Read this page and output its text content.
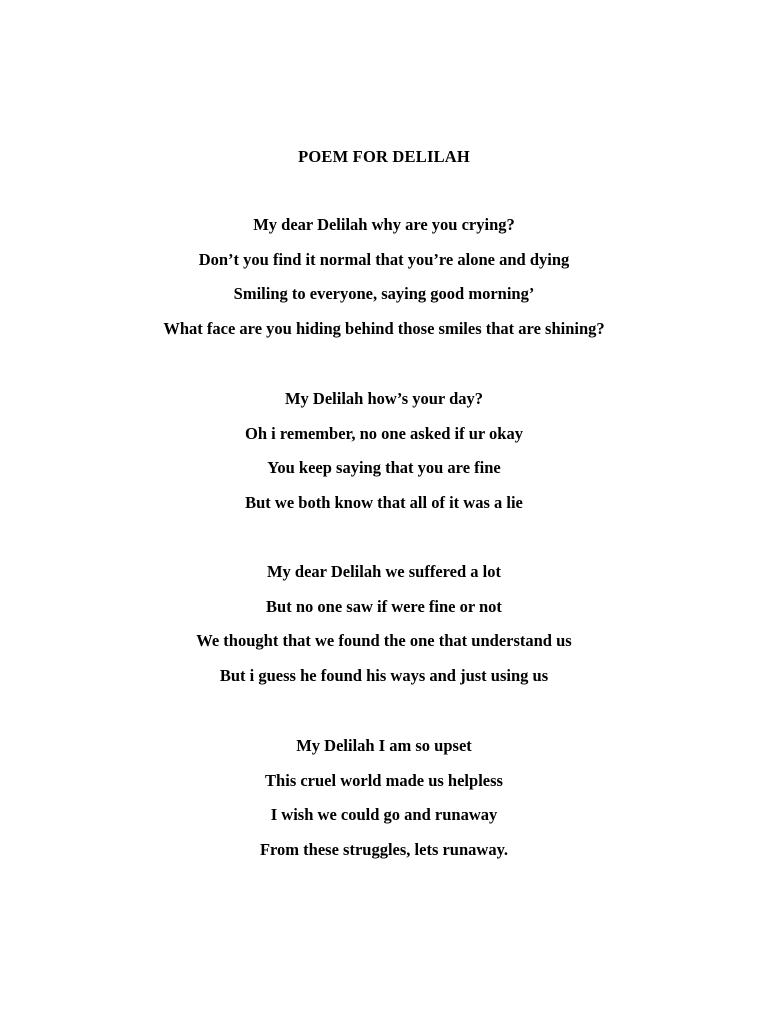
POEM FOR DELILAH
My dear Delilah why are you crying?
Don’t you find it normal that you’re alone and dying
Smiling to everyone, saying good morning’
What face are you hiding behind those smiles that are shining?
My Delilah how’s your day?
Oh i remember, no one asked if ur okay
You keep saying that you are fine
But we both know that all of it was a lie
My dear Delilah we suffered a lot
But no one saw if were fine or not
We thought that we found the one that understand us
But i guess he found his ways and just using us
My Delilah I am so upset
This cruel world made us helpless
I wish we could go and runaway
From these struggles, lets runaway.
